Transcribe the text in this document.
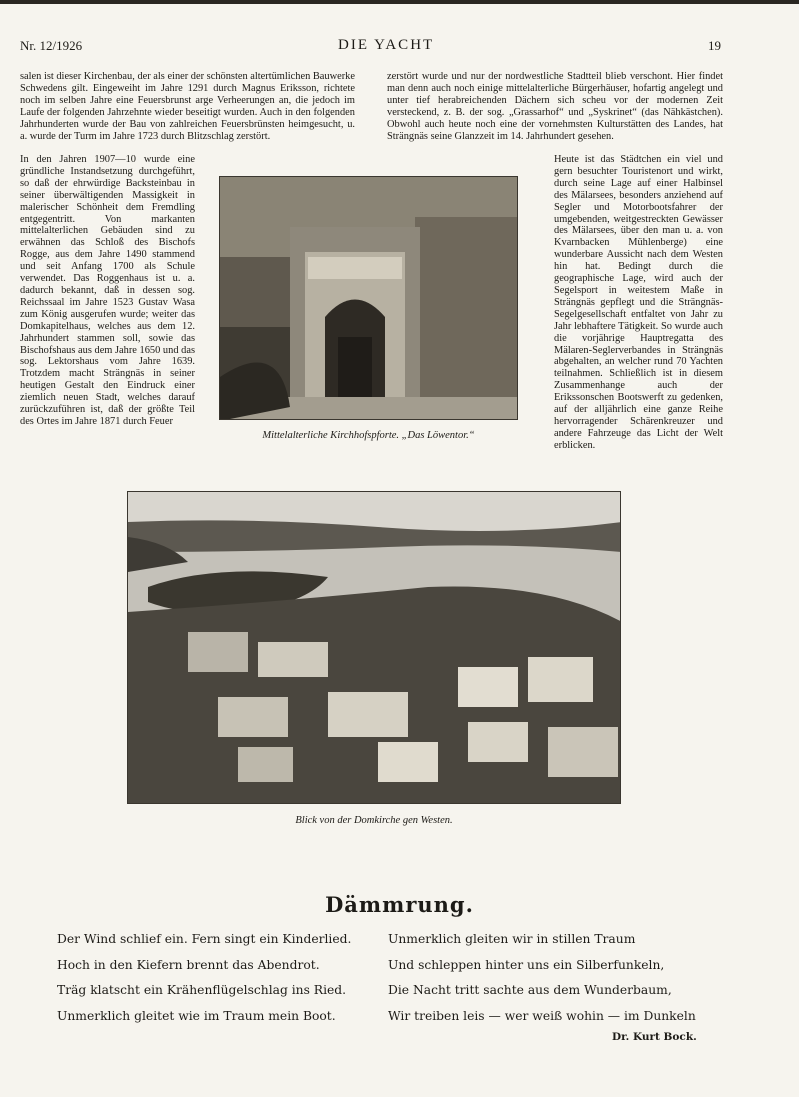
Nr. 12/1926	DIE YACHT	19

salen ist dieser Kirchenbau, der als einer der schönsten altertümlichen Bauwerke Schwedens gilt. Eingeweiht im Jahre 1291 durch Magnus Eriksson, richtete noch im selben Jahre eine Feuersbrunst arge Verheerungen an, die jedoch im Laufe der folgenden Jahrzehnte wieder beseitigt wurden. Auch in den folgenden Jahrhunderten wurde der Bau von zahlreichen Feuersbrünsten heimgesucht, u. a. wurde der Turm im Jahre 1723 durch Blitzschlag zerstört.

In den Jahren 1907—10 wurde eine gründliche Instandsetzung durchgeführt, so daß der ehrwürdige Backsteinbau in seiner überwältigenden Massigkeit in malerischer Schönheit dem Fremdling entgegentritt. Von markanten mittelalterlichen Gebäuden sind zu erwähnen das Schloß des Bischofs Rogge, aus dem Jahre 1490 stammend und seit Anfang 1700 als Schule verwendet. Das Roggenhaus ist u. a. dadurch bekannt, daß in dessen sog. Reichssaal im Jahre 1523 Gustav Wasa zum König ausgerufen wurde; weiter das Domkapitelhaus, welches aus dem 12. Jahrhundert stammen soll, sowie das Bischofshaus aus dem Jahre 1650 und das sog. Lektorshaus vom Jahre 1639. Trotzdem macht Strängnäs in seiner heutigen Gestalt den Eindruck einer ziemlich neuen Stadt, welches darauf zurückzuführen ist, daß der größte Teil des Ortes im Jahre 1871 durch Feuer

zerstört wurde und nur der nordwestliche Stadtteil blieb verschont. Hier findet man denn auch noch einige mittelalterliche Bürgerhäuser, hofartig angelegt und unter tief herabreichenden Dächern sich scheu vor der modernen Zeit versteckend, z. B. der sog. „Grassarhof“ und „Syskrinet“ (das Nähkästchen). Obwohl auch heute noch eine der vornehmsten Kulturstätten des Landes, hat Strängnäs seine Glanzzeit im 14. Jahrhundert gesehen.

Heute ist das Städtchen ein viel und gern besuchter Touristenort und wirkt, durch seine Lage auf einer Halbinsel des Mälarsees, besonders anziehend auf Segler und Motorbootsfahrer der umgebenden, weitgestreckten Gewässer des Mälarsees, über den man u. a. von Kvarnbacken Mühlenberge) eine wunderbare Aussicht nach dem Westen hin hat. Bedingt durch die geographische Lage, wird auch der Segelsport in weitestem Maße in Strängnäs gepflegt und die Strängnäs-Segelgesellschaft entfaltet von Jahr zu Jahr lebhaftere Tätigkeit. So wurde auch die vorjährige Hauptregatta des Mälaren-Seglerverbandes in Strängnäs abgehalten, an welcher rund 70 Yachten teilnahmen. Schließlich ist in diesem Zusammenhange auch der Erikssonschen Bootswerft zu gedenken, auf der alljährlich eine ganze Reihe hervorragender Schärenkreuzer und andere Fahrzeuge das Licht der Welt erblicken.

Mittelalterliche Kirchhofspforte. „Das Löwentor.“
Blick von der Domkirche gen Westen.
Dämmrung.
Der Wind schlief ein. Fern singt ein Kinderlied.
Hoch in den Kiefern brennt das Abendrot.
Träg klatscht ein Krähenflügelschlag ins Ried.
Unmerklich gleitet wie im Traum mein Boot.
Unmerklich gleiten wir in stillen Traum
Und schleppen hinter uns ein Silberfunkeln,
Die Nacht tritt sachte aus dem Wunderbaum,
Wir treiben leis — wer weiß wohin — im Dunkeln
Dr. Kurt Bock.
